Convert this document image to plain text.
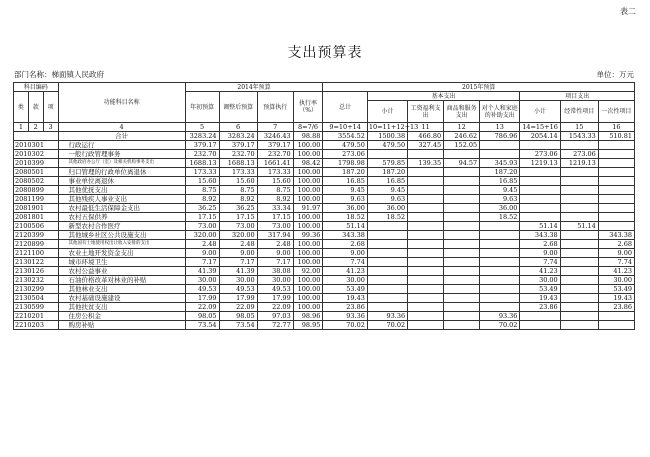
表二
支出预算表
部门名称：梯面镇人民政府	单位：万元
科目编码			功能科目名称	2014年预算				2015年预算							
类	款	项		年初预算	调整后预算	预算执行	执行率（%）	总计	基本支出				项目支出		
									小计	工资福利支出	商品和服务支出	对个人和家庭的补助支出	小计	经常性项目	一次性项目
1	2	3	4	5	6	7	8=7/6	9=10+14	10=11+12+13	11	12	13	14=15+16	15	16
			合计	3283.24	3283.24	3246.43	98.88	3554.52	1500.38	466.80	246.62	786.96	2054.14	1543.33	510.81
2010301			行政运行	379.17	379.17	379.17	100.00	479.50	479.50	327.45	152.05				
2010302			一般行政管理事务	232.70	232.70	232.70	100.00	273.06					273.06	273.06	
2010399			其他政府办公厅（室）及相关机构事务支出	1688.13	1688.13	1661.41	98.42	1798.98	579.85	139.35	94.57	345.93	1219.13	1219.13	
2080501			归口管理的行政单位离退休	173.33	173.33	173.33	100.00	187.20	187.20			187.20			
2080502			事业单位离退休	15.60	15.60	15.60	100.00	16.85	16.85			16.85			
2080899			其他优抚支出	8.75	8.75	8.75	100.00	9.45	9.45			9.45			
2081199			其他残疾人事业支出	8.92	8.92	8.92	100.00	9.63	9.63			9.63			
2081901			农村最低生活保障金支出	36.25	36.25	33.34	91.97	36.00	36.00			36.00			
2081801			农村五保供养	17.15	17.15	17.15	100.00	18.52	18.52			18.52			
2100506			新型农村合作医疗	73.00	73.00	73.00	100.00	51.14					51.14	51.14	
2120399			其他城乡社区公共设施支出	320.00	320.00	317.94	99.36	343.38					343.38		343.38
2120899			其他国有土地使用权出让收入安排的支出	2.48	2.48	2.48	100.00	2.68					2.68		2.68
2121100			农业土地开发资金支出	9.00	9.00	9.00	100.00	9.00					9.00		9.00
2130122			城市环境卫生	7.17	7.17	7.17	100.00	7.74					7.74		7.74
2130126			农村公益事业	41.39	41.39	38.08	92.00	41.23					41.23		41.23
2130232			石油价格改革对林业的补贴	30.00	30.00	30.00	100.00	30.00					30.00		30.00
2130299			其他林业支出	49.53	49.53	49.53	100.00	53.49					53.49		53.49
2130504			农村基础设施建设	17.99	17.99	17.99	100.00	19.43					19.43		19.43
2130599			其他扶贫支出	22.09	22.09	22.09	100.00	23.86					23.86		23.86
2210201			住房公积金	98.05	98.05	97.03	98.96	93.36	93.36			93.36			
2210203			购房补贴	73.54	73.54	72.77	98.95	70.02	70.02			70.02			
